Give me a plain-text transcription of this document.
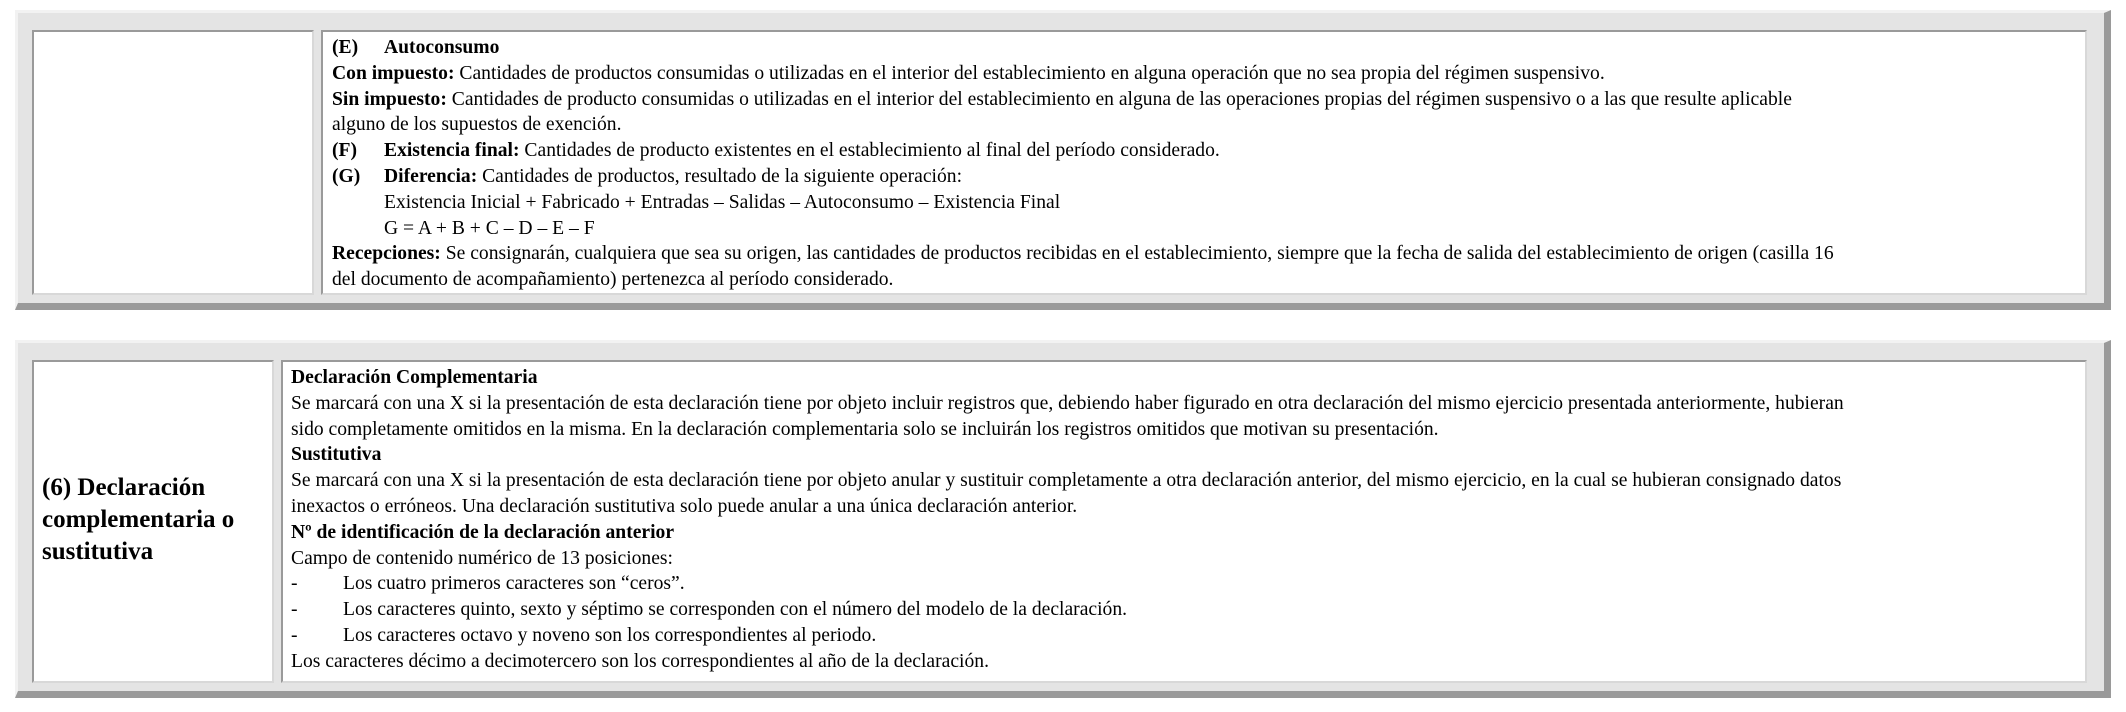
(E) Autoconsumo
Con impuesto: Cantidades de productos consumidas o utilizadas en el interior del establecimiento en alguna operación que no sea propia del régimen suspensivo.
Sin impuesto: Cantidades de producto consumidas o utilizadas en el interior del establecimiento en alguna de las operaciones propias del régimen suspensivo o a las que resulte aplicable
alguno de los supuestos de exención.
(F) Existencia final: Cantidades de producto existentes en el establecimiento al final del período considerado.
(G) Diferencia: Cantidades de productos, resultado de la siguiente operación:
Existencia Inicial + Fabricado + Entradas – Salidas – Autoconsumo – Existencia Final
G = A + B + C – D – E – F
Recepciones: Se consignarán, cualquiera que sea su origen, las cantidades de productos recibidas en el establecimiento, siempre que la fecha de salida del establecimiento de origen (casilla 16
del documento de acompañamiento) pertenezca al período considerado.
(6) Declaración
complementaria o
sustitutiva
Declaración Complementaria
Se marcará con una X si la presentación de esta declaración tiene por objeto incluir registros que, debiendo haber figurado en otra declaración del mismo ejercicio presentada anteriormente, hubieran
sido completamente omitidos en la misma. En la declaración complementaria solo se incluirán los registros omitidos que motivan su presentación.
Sustitutiva
Se marcará con una X si la presentación de esta declaración tiene por objeto anular y sustituir completamente a otra declaración anterior, del mismo ejercicio, en la cual se hubieran consignado datos
inexactos o erróneos. Una declaración sustitutiva solo puede anular a una única declaración anterior.
Nº de identificación de la declaración anterior
Campo de contenido numérico de 13 posiciones:
- Los cuatro primeros caracteres son “ceros”.
- Los caracteres quinto, sexto y séptimo se corresponden con el número del modelo de la declaración.
- Los caracteres octavo y noveno son los correspondientes al periodo.
Los caracteres décimo a decimotercero son los correspondientes al año de la declaración.
